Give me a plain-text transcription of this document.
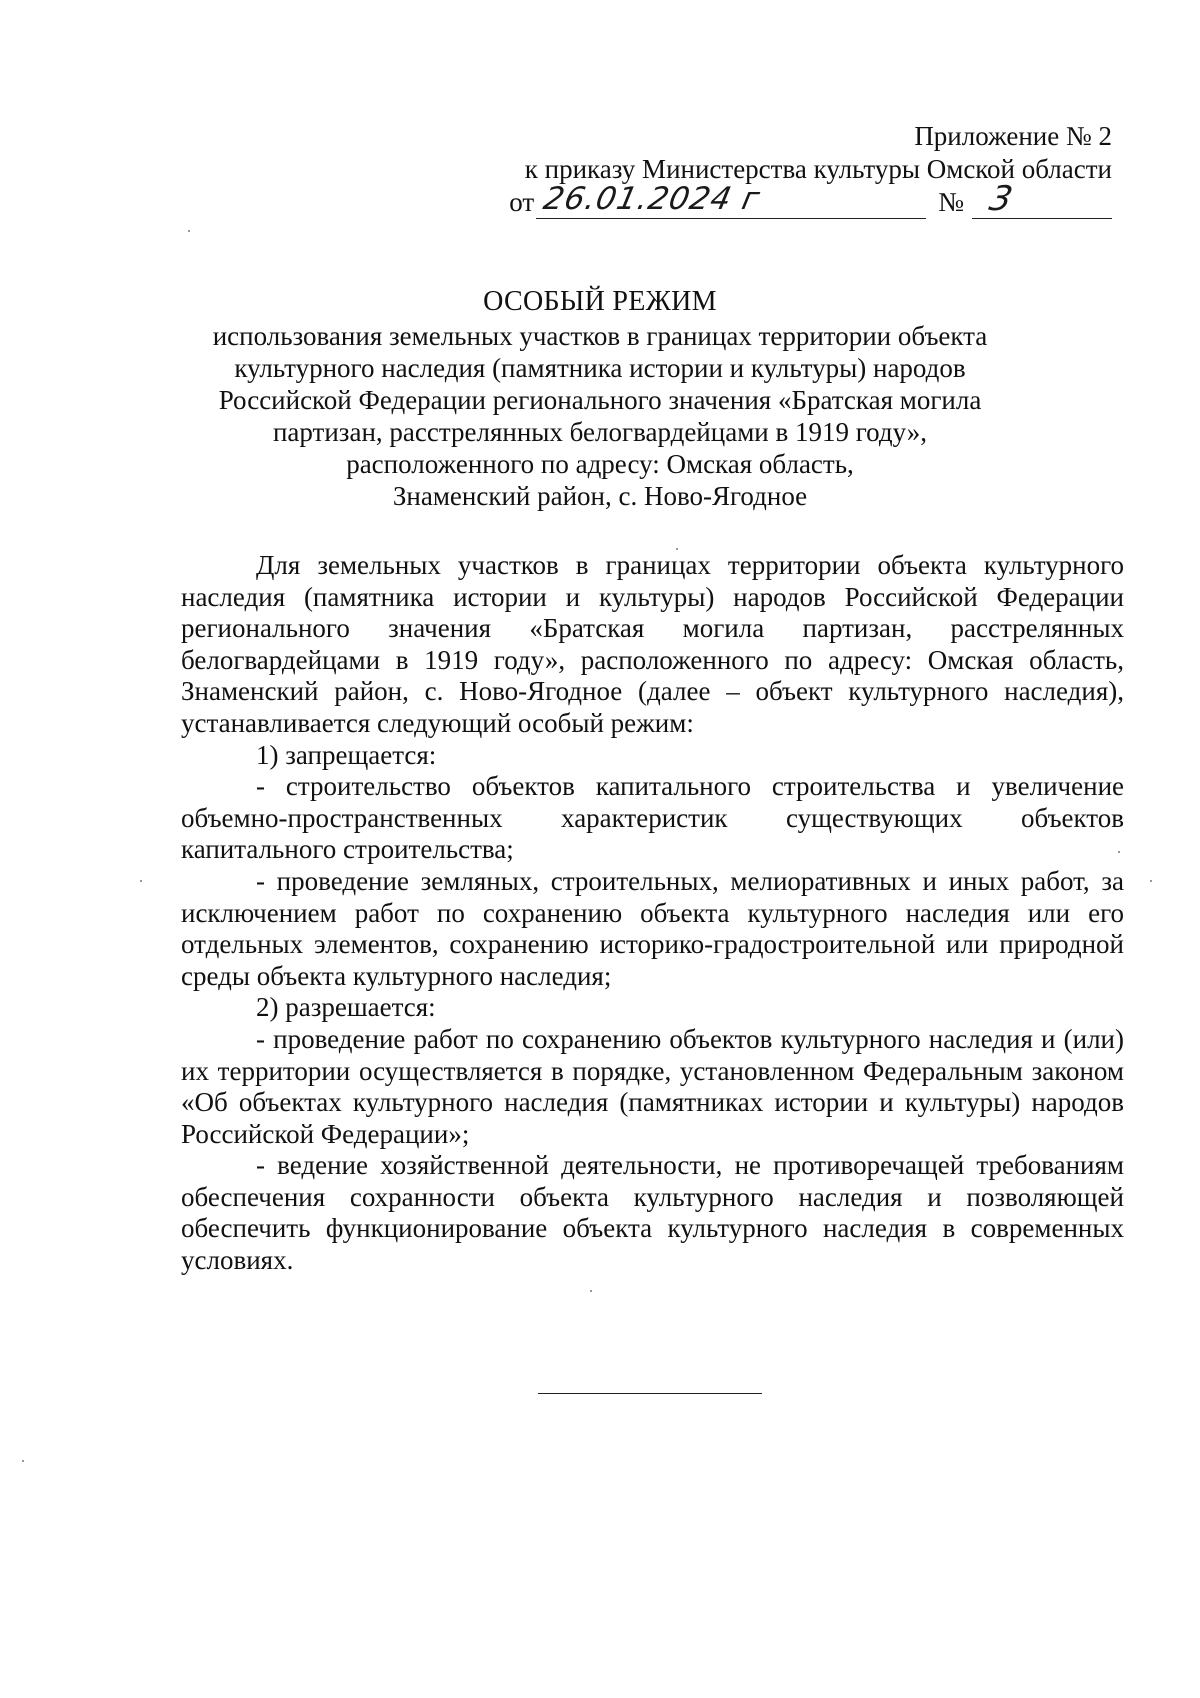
Приложение № 2
к приказу Министерства культуры Омской области
от 26.01.2024 г	№ 3
ОСОБЫЙ РЕЖИМ
использования земельных участков в границах территории объекта
культурного наследия (памятника истории и культуры) народов
Российской Федерации регионального значения «Братская могила
партизан, расстрелянных белогвардейцами в 1919 году»,
расположенного по адресу: Омская область,
Знаменский район, с. Ново-Ягодное

Для земельных участков в границах территории объекта культурного наследия (памятника истории и культуры) народов Российской Федерации регионального значения «Братская могила партизан, расстрелянных белогвардейцами в 1919 году», расположенного по адресу: Омская область, Знаменский район, с. Ново-Ягодное (далее – объект культурного наследия), устанавливается следующий особый режим:

1) запрещается:

- строительство объектов капитального строительства и увеличение объемно-пространственных характеристик существующих объектов капитального строительства;

- проведение земляных, строительных, мелиоративных и иных работ, за исключением работ по сохранению объекта культурного наследия или его отдельных элементов, сохранению историко-градостроительной или природной среды объекта культурного наследия;

2) разрешается:

- проведение работ по сохранению объектов культурного наследия и (или) их территории осуществляется в порядке, установленном Федеральным законом «Об объектах культурного наследия (памятниках истории и культуры) народов Российской Федерации»;

- ведение хозяйственной деятельности, не противоречащей требованиям обеспечения сохранности объекта культурного наследия и позволяющей обеспечить функционирование объекта культурного наследия в современных условиях.
